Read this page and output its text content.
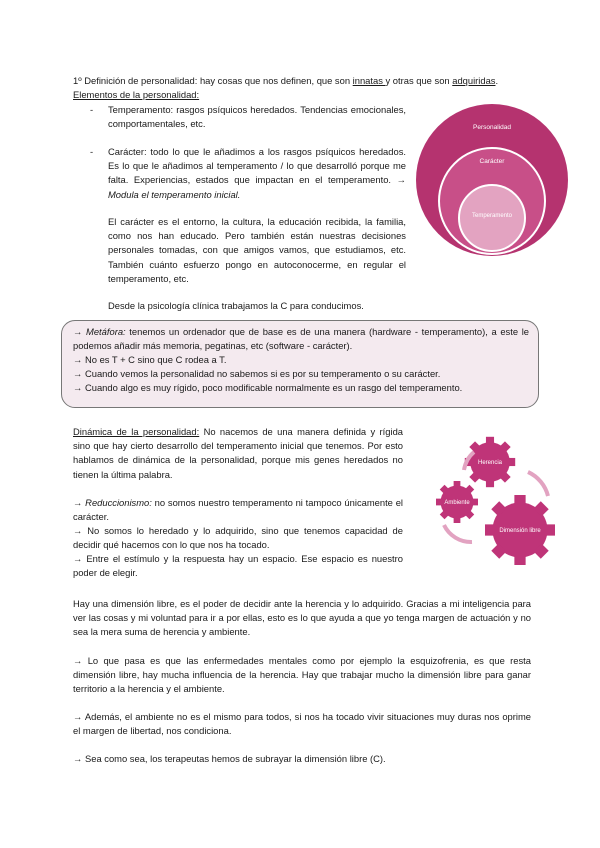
1º Definición de personalidad: hay cosas que nos definen, que son innatas y otras que son adquiridas.

Elementos de la personalidad:

- Temperamento: rasgos psíquicos heredados. Tendencias emocionales, comportamentales, etc.

- Carácter: todo lo que le añadimos a los rasgos psíquicos heredados. Es lo que le añadimos al temperamento / lo que desarrolló porque me falta. Experiencias, estados que impactan en el temperamento. → Modula el temperamento inicial.

El carácter es el entorno, la cultura, la educación recibida, la familia, como nos han educado. Pero también están nuestras decisiones personales tomadas, con que amigos vamos, que estudiamos, etc. También cuánto esfuerzo pongo en autoconocerme, en regular el temperamento, etc.

Desde la psicología clínica trabajamos la C para conducimos.

Personalidad
Carácter
Temperamento

→ Metáfora: tenemos un ordenador que de base es de una manera (hardware - temperamento), a este le podemos añadir más memoria, pegatinas, etc (software - carácter).

→ No es T + C sino que C rodea a T.

→ Cuando vemos la personalidad no sabemos si es por su temperamento o su carácter.

→ Cuando algo es muy rígido, poco modificable normalmente es un rasgo del temperamento.

Dinámica de la personalidad: No nacemos de una manera definida y rígida sino que hay cierto desarrollo del temperamento inicial que tenemos. Por esto hablamos de dinámica de la personalidad, porque mis genes heredados no tienen la última palabra.

→ Reduccionismo: no somos nuestro temperamento ni tampoco únicamente el carácter.

→ No somos lo heredado y lo adquirido, sino que tenemos capacidad de decidir qué hacemos con lo que nos ha tocado.

→ Entre el estímulo y la respuesta hay un espacio. Ese espacio es nuestro poder de elegir.

Herencia
Ambiente
Dimensión libre

Hay una dimensión libre, es el poder de decidir ante la herencia y lo adquirido. Gracias a mi inteligencia para ver las cosas y mi voluntad para ir a por ellas, esto es lo que ayuda a que yo tenga margen de actuación y no sea la mera suma de herencia y ambiente.

→ Lo que pasa es que las enfermedades mentales como por ejemplo la esquizofrenia, es que resta dimensión libre, hay mucha influencia de la herencia. Hay que trabajar mucho la dimensión libre para ganar territorio a la herencia y el ambiente.

→ Además, el ambiente no es el mismo para todos, si nos ha tocado vivir situaciones muy duras nos oprime el margen de libertad, nos condiciona.

→ Sea como sea, los terapeutas hemos de subrayar la dimensión libre (C).
